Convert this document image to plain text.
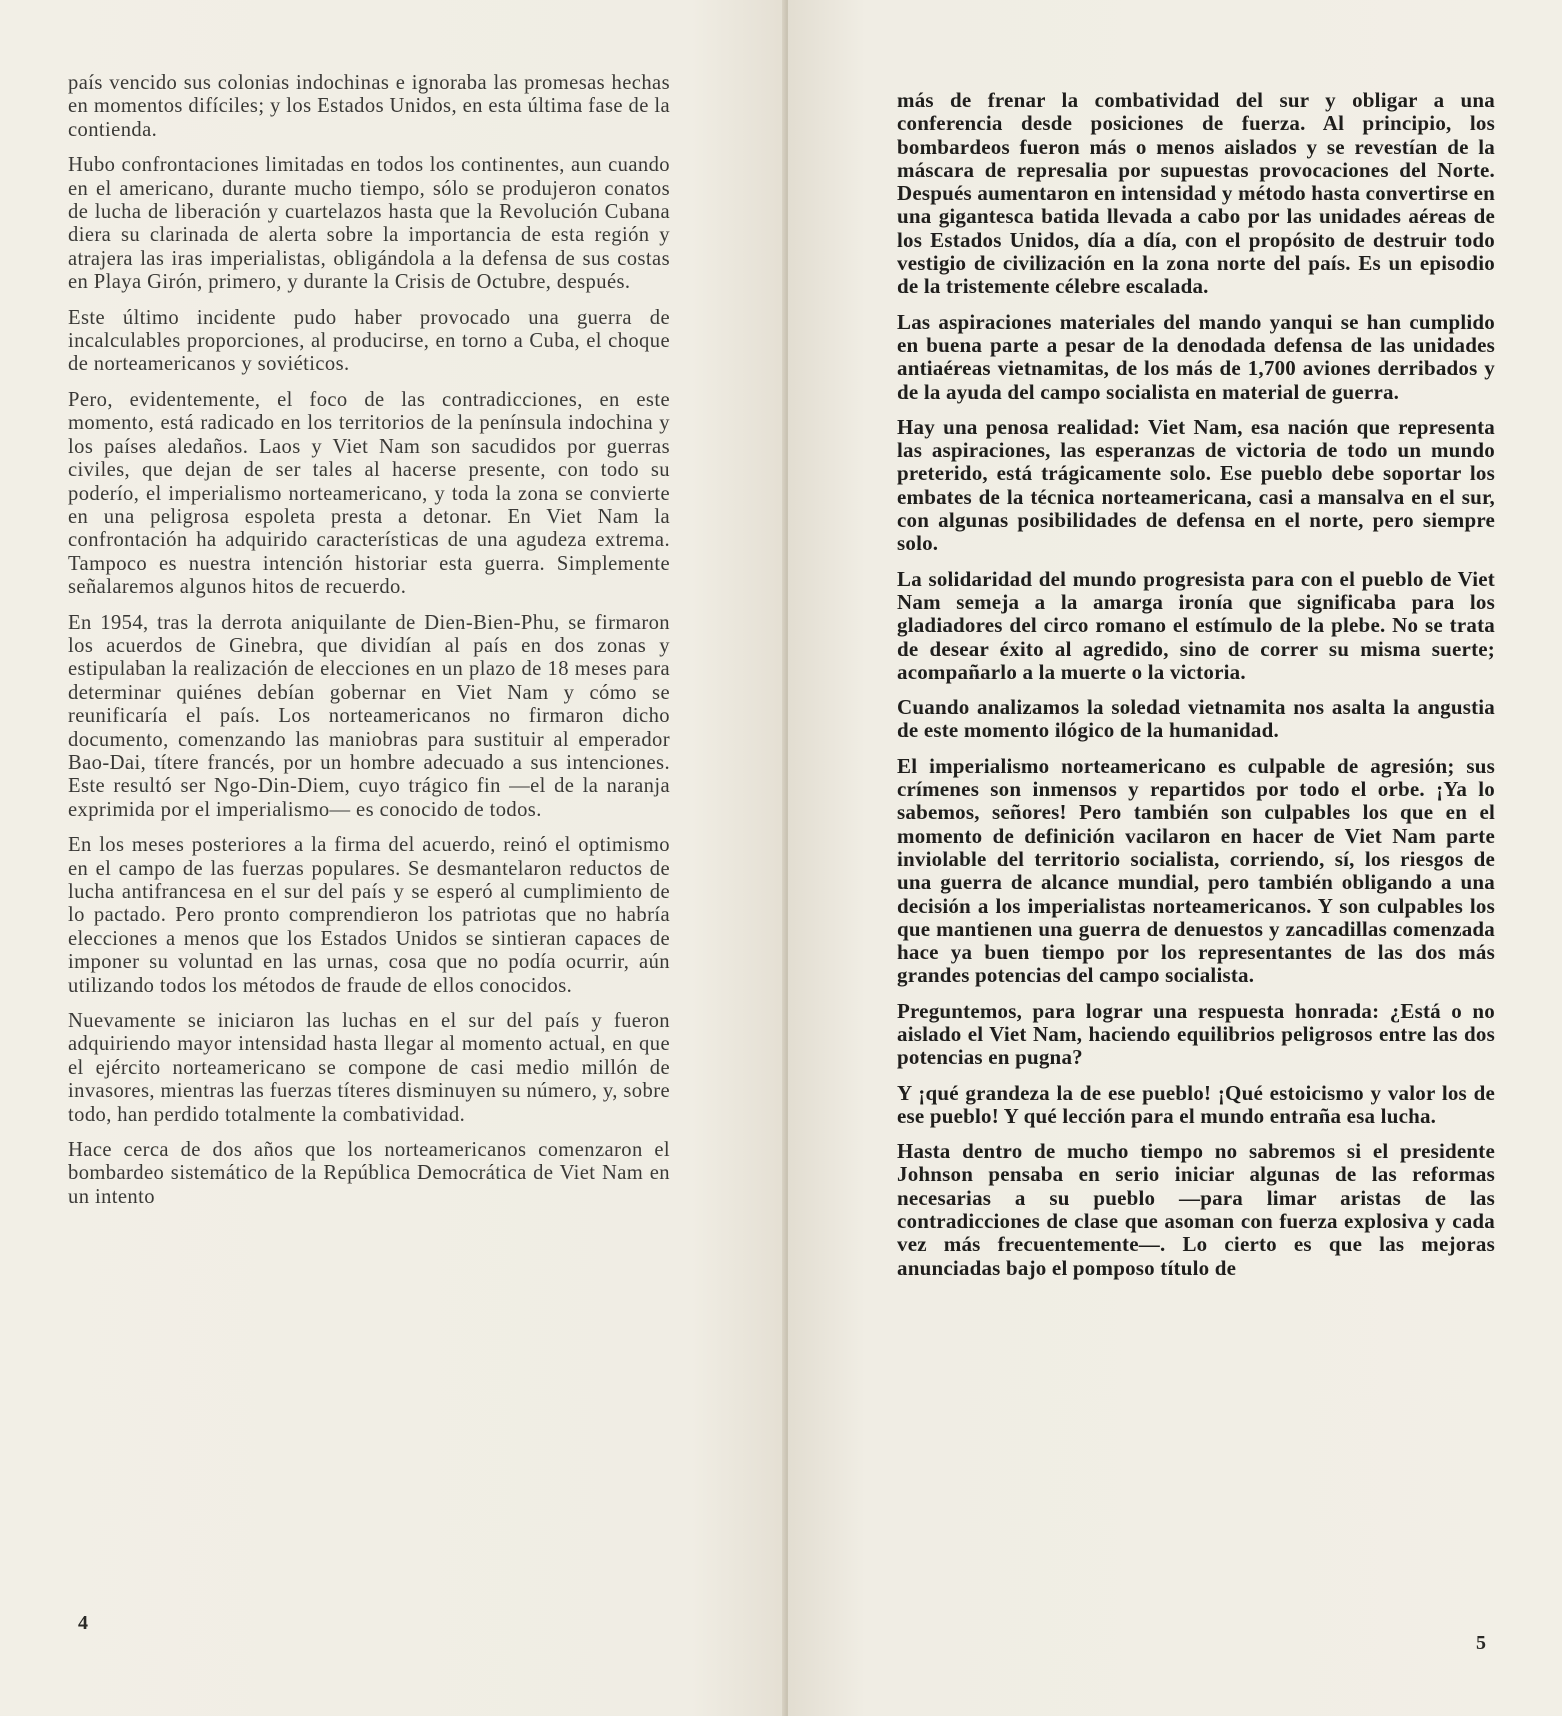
país vencido sus colonias indochinas e ignoraba las promesas hechas en momentos difíciles; y los Estados Unidos, en esta última fase de la contienda.

Hubo confrontaciones limitadas en todos los continentes, aun cuando en el americano, durante mucho tiempo, sólo se produjeron conatos de lucha de liberación y cuartelazos hasta que la Revolución Cubana diera su clarinada de alerta sobre la importancia de esta región y atrajera las iras imperialistas, obligándola a la defensa de sus costas en Playa Girón, primero, y durante la Crisis de Octubre, después.

Este último incidente pudo haber provocado una guerra de incalculables proporciones, al producirse, en torno a Cuba, el choque de norteamericanos y soviéticos.

Pero, evidentemente, el foco de las contradicciones, en este momento, está radicado en los territorios de la península indochina y los países aledaños. Laos y Viet Nam son sacudidos por guerras civiles, que dejan de ser tales al hacerse presente, con todo su poderío, el imperialismo norteamericano, y toda la zona se convierte en una peligrosa espoleta presta a detonar. En Viet Nam la confrontación ha adquirido características de una agudeza extrema. Tampoco es nuestra intención historiar esta guerra. Simplemente señalaremos algunos hitos de recuerdo.

En 1954, tras la derrota aniquilante de Dien-Bien-Phu, se firmaron los acuerdos de Ginebra, que dividían al país en dos zonas y estipulaban la realización de elecciones en un plazo de 18 meses para determinar quiénes debían gobernar en Viet Nam y cómo se reunificaría el país. Los norteamericanos no firmaron dicho documento, comenzando las maniobras para sustituir al emperador Bao-Dai, títere francés, por un hombre adecuado a sus intenciones. Este resultó ser Ngo-Din-Diem, cuyo trágico fin —el de la naranja exprimida por el imperialismo— es conocido de todos.

En los meses posteriores a la firma del acuerdo, reinó el optimismo en el campo de las fuerzas populares. Se desmantelaron reductos de lucha antifrancesa en el sur del país y se esperó al cumplimiento de lo pactado. Pero pronto comprendieron los patriotas que no habría elecciones a menos que los Estados Unidos se sintieran capaces de imponer su voluntad en las urnas, cosa que no podía ocurrir, aún utilizando todos los métodos de fraude de ellos conocidos.

Nuevamente se iniciaron las luchas en el sur del país y fueron adquiriendo mayor intensidad hasta llegar al momento actual, en que el ejército norteamericano se compone de casi medio millón de invasores, mientras las fuerzas títeres disminuyen su número, y, sobre todo, han perdido totalmente la combatividad.

Hace cerca de dos años que los norteamericanos comenzaron el bombardeo sistemático de la República Democrática de Viet Nam en un intento

4

más de frenar la combatividad del sur y obligar a una conferencia desde posiciones de fuerza. Al principio, los bombardeos fueron más o menos aislados y se revestían de la máscara de represalia por supuestas provocaciones del Norte. Después aumentaron en intensidad y método hasta convertirse en una gigantesca batida llevada a cabo por las unidades aéreas de los Estados Unidos, día a día, con el propósito de destruir todo vestigio de civilización en la zona norte del país. Es un episodio de la tristemente célebre escalada.

Las aspiraciones materiales del mando yanqui se han cumplido en buena parte a pesar de la denodada defensa de las unidades antiaéreas vietnamitas, de los más de 1,700 aviones derribados y de la ayuda del campo socialista en material de guerra.

Hay una penosa realidad: Viet Nam, esa nación que representa las aspiraciones, las esperanzas de victoria de todo un mundo preterido, está trágicamente solo. Ese pueblo debe soportar los embates de la técnica norteamericana, casi a mansalva en el sur, con algunas posibilidades de defensa en el norte, pero siempre solo.

La solidaridad del mundo progresista para con el pueblo de Viet Nam semeja a la amarga ironía que significaba para los gladiadores del circo romano el estímulo de la plebe. No se trata de desear éxito al agredido, sino de correr su misma suerte; acompañarlo a la muerte o la victoria.

Cuando analizamos la soledad vietnamita nos asalta la angustia de este momento ilógico de la humanidad.

El imperialismo norteamericano es culpable de agresión; sus crímenes son inmensos y repartidos por todo el orbe. ¡Ya lo sabemos, señores! Pero también son culpables los que en el momento de definición vacilaron en hacer de Viet Nam parte inviolable del territorio socialista, corriendo, sí, los riesgos de una guerra de alcance mundial, pero también obligando a una decisión a los imperialistas norteamericanos. Y son culpables los que mantienen una guerra de denuestos y zancadillas comenzada hace ya buen tiempo por los representantes de las dos más grandes potencias del campo socialista.

Preguntemos, para lograr una respuesta honrada: ¿Está o no aislado el Viet Nam, haciendo equilibrios peligrosos entre las dos potencias en pugna?

Y ¡qué grandeza la de ese pueblo! ¡Qué estoicismo y valor los de ese pueblo! Y qué lección para el mundo entraña esa lucha.

Hasta dentro de mucho tiempo no sabremos si el presidente Johnson pensaba en serio iniciar algunas de las reformas necesarias a su pueblo —para limar aristas de las contradicciones de clase que asoman con fuerza explosiva y cada vez más frecuentemente—. Lo cierto es que las mejoras anunciadas bajo el pomposo título de

5
